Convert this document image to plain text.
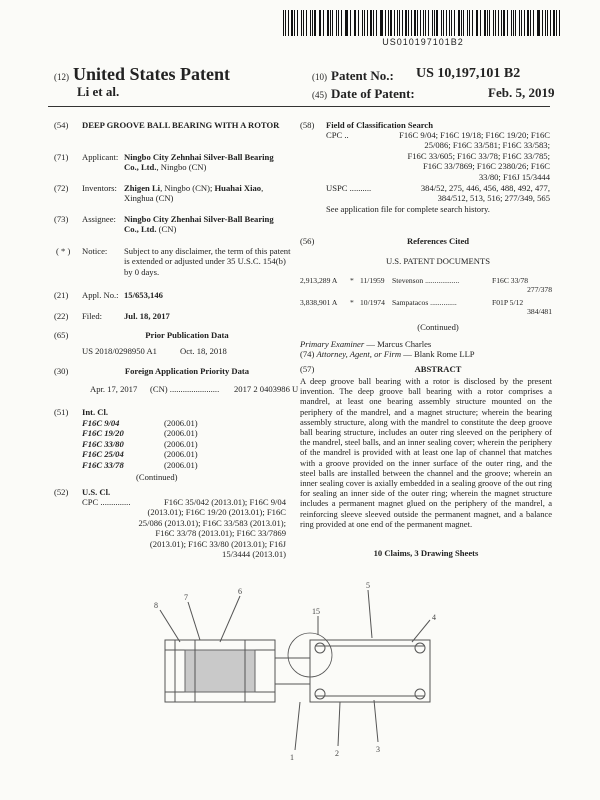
US010197101B2
(12) United States Patent
Li et al.
(10) Patent No.: US 10,197,101 B2
(45) Date of Patent:	Feb. 5, 2019
(54) DEEP GROOVE BALL BEARING WITH A ROTOR
(71) Applicant: Ningbo City Zehnhai Silver-Ball Bearing Co., Ltd., Ningbo (CN)
(72) Inventors: Zhigen Li, Ningbo (CN); Huahai Xiao, Xinghua (CN)
(73) Assignee: Ningbo City Zhenhai Silver-Ball Bearing Co., Ltd. (CN)
( * ) Notice: Subject to any disclaimer, the term of this patent is extended or adjusted under 35 U.S.C. 154(b) by 0 days.
(21) Appl. No.: 15/653,146
(22) Filed:	Jul. 18, 2017
(65)	Prior Publication Data
US 2018/0298950 A1	Oct. 18, 2018
(30)	Foreign Application Priority Data
Apr. 17, 2017 (CN) ....................... 2017 2 0403986 U
(51) Int. Cl.
F16C 9/04	(2006.01)
F16C 19/20	(2006.01)
F16C 33/80	(2006.01)
F16C 25/04	(2006.01)
F16C 33/78	(2006.01)
(Continued)
(52) U.S. Cl.
CPC ..............	F16C 35/042 (2013.01); F16C 9/04
(2013.01); F16C 19/20 (2013.01); F16C
25/086 (2013.01); F16C 33/583 (2013.01);
F16C 33/78 (2013.01); F16C 33/7869
(2013.01); F16C 33/80 (2013.01); F16J
15/3444 (2013.01)
(58) Field of Classification Search
CPC ..	F16C 9/04; F16C 19/18; F16C 19/20; F16C
25/086; F16C 33/581; F16C 33/583;
F16C 33/605; F16C 33/78; F16C 33/785;
F16C 33/7869; F16C 2380/26; F16C
33/80; F16J 15/3444
USPC ..........	384/52, 275, 446, 456, 488, 492, 477,
384/512, 513, 516; 277/349, 565
See application file for complete search history.
(56)	References Cited
U.S. PATENT DOCUMENTS
2,913,289 A * 11/1959 Stevenson ..................	F16C 33/78
277/378
3,838,901 A * 10/1974 Sampatacos ..............	F01P 5/12
384/481
(Continued)
Primary Examiner — Marcus Charles
(74) Attorney, Agent, or Firm — Blank Rome LLP
(57)	ABSTRACT
A deep groove ball bearing with a rotor is disclosed by the present invention. The deep groove ball bearing with a rotor comprises a mandrel, at least one bearing assembly structure mounted on the periphery of the mandrel, and a magnet structure; wherein the bearing assembly structure, along with the mandrel to constitute the deep groove ball bearing structure, includes an outer ring sleeved on the periphery of the mandrel, steel balls, and an inner sealing cover; wherein the periphery of the mandrel is provided with at least one lap of channel that matches with a groove provided on the inner surface of the outer ring, and the steel balls are installed between the channel and the groove; wherein an inner sealing cover is axially embedded in a sealing groove of the out ring for sealing an inner side of the outer ring; wherein the magnet structure includes a permanent magnet glued on the periphery of the mandrel, a reinforcing sleeve sleeved outside the permanent magnet, and a balance ring provided at one end of the permanent magnet.
10 Claims, 3 Drawing Sheets
8
7
6
5
4
15
1	2	3
